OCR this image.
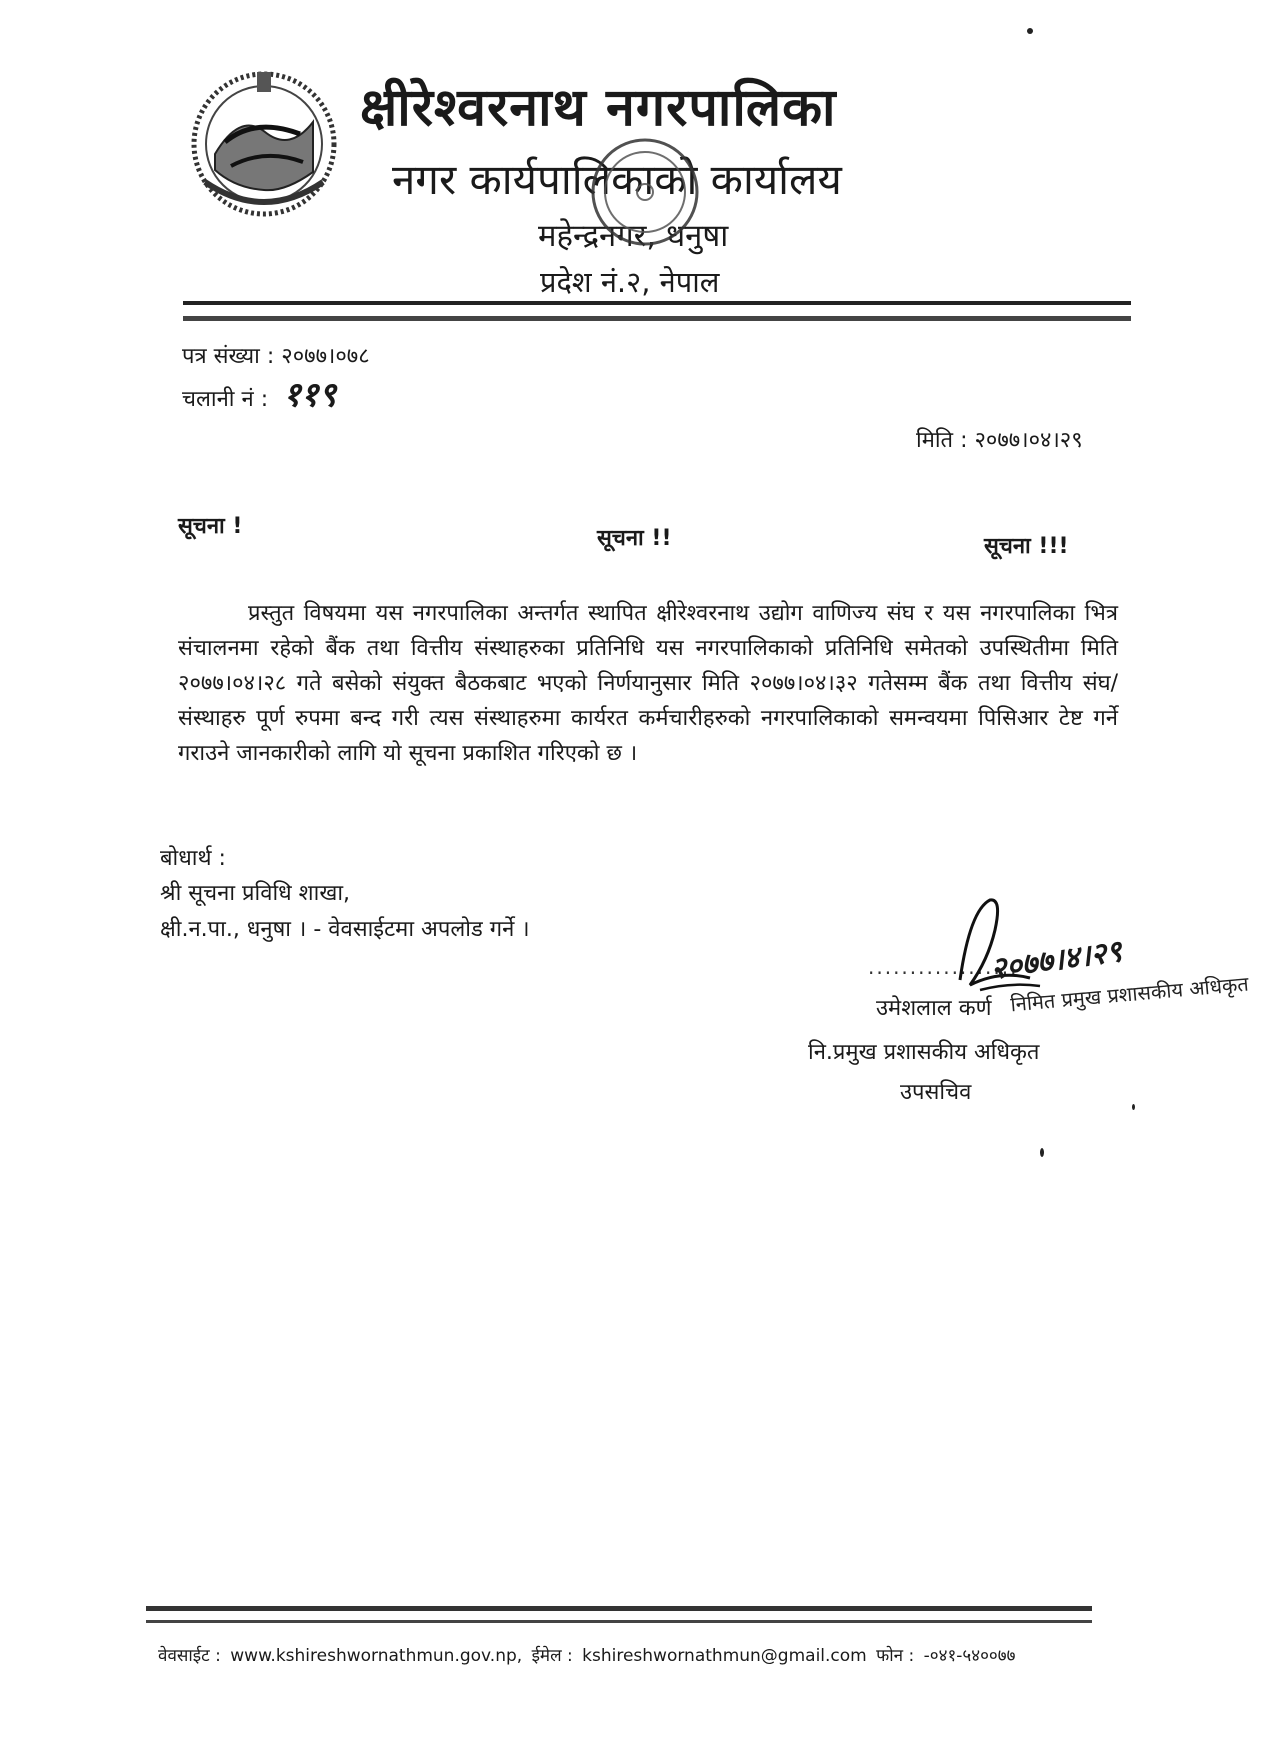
क्षीरेश्वरनाथ नगरपालिका
नगर कार्यपालिकाको कार्यालय
महेन्द्रनगर, धनुषा
प्रदेश नं.२, नेपाल
पत्र संख्या : २०७७।०७८
चलानी नं : ११९
मिति : २०७७।०४।२९
सूचना !	सूचना !!	सूचना !!!
प्रस्तुत विषयमा यस नगरपालिका अन्तर्गत स्थापित क्षीरेश्वरनाथ उद्योग वाणिज्य संघ र यस नगरपालिका भित्र संचालनमा रहेको बैंक तथा वित्तीय संस्थाहरुका प्रतिनिधि यस नगरपालिकाको प्रतिनिधि समेतको उपस्थितीमा मिति २०७७।०४।२८ गते बसेको संयुक्त बैठकबाट भएको निर्णयानुसार मिति २०७७।०४।३२ गतेसम्म बैंक तथा वित्तीय संघ/संस्थाहरु पूर्ण रुपमा बन्द गरी त्यस संस्थाहरुमा कार्यरत कर्मचारीहरुको नगरपालिकाको समन्वयमा पिसिआर टेष्ट गर्ने गराउने जानकारीको लागि यो सूचना प्रकाशित गरिएको छ ।
बोधार्थ :
श्री सूचना प्रविधि शाखा,
क्षी.न.पा., धनुषा । - वेवसाईटमा अपलोड गर्ने ।
..................
२०७७।४।२९
उमेशलाल कर्ण निमित प्रमुख प्रशासकीय अधिकृत
नि.प्रमुख प्रशासकीय अधिकृत
उपसचिव
वेवसाईट : www.kshireshwornathmun.gov.np, ईमेल : kshireshwornathmun@gmail.com फोन : -०४१-५४००७७
